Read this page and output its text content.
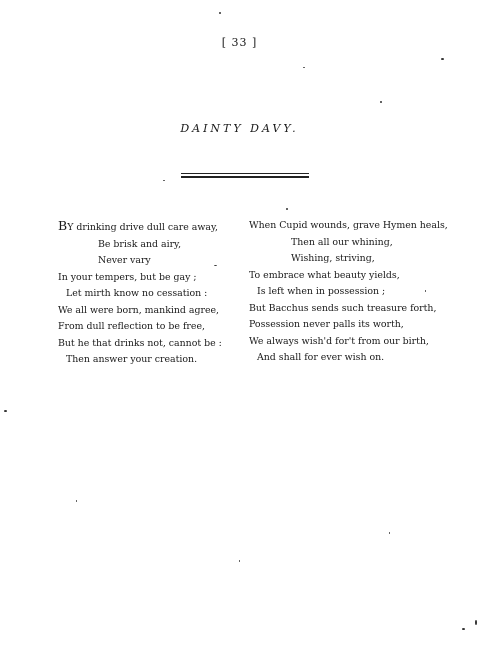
[ 33 ]
DAINTY DAVY.
BY drinking drive dull care away,
Be brisk and airy,
Never vary
In your tempers, but be gay ;
Let mirth know no cessation :
We all were born, mankind agree,
From dull reflection to be free,
But he that drinks not, cannot be :
Then answer your creation.
When Cupid wounds, grave Hymen heals,
Then all our whining,
Wishing, striving,
To embrace what beauty yields,
Is left when in possession ;
But Bacchus sends such treasure forth,
Possession never palls its worth,
We always wish'd for't from our birth,
And shall for ever wish on.
